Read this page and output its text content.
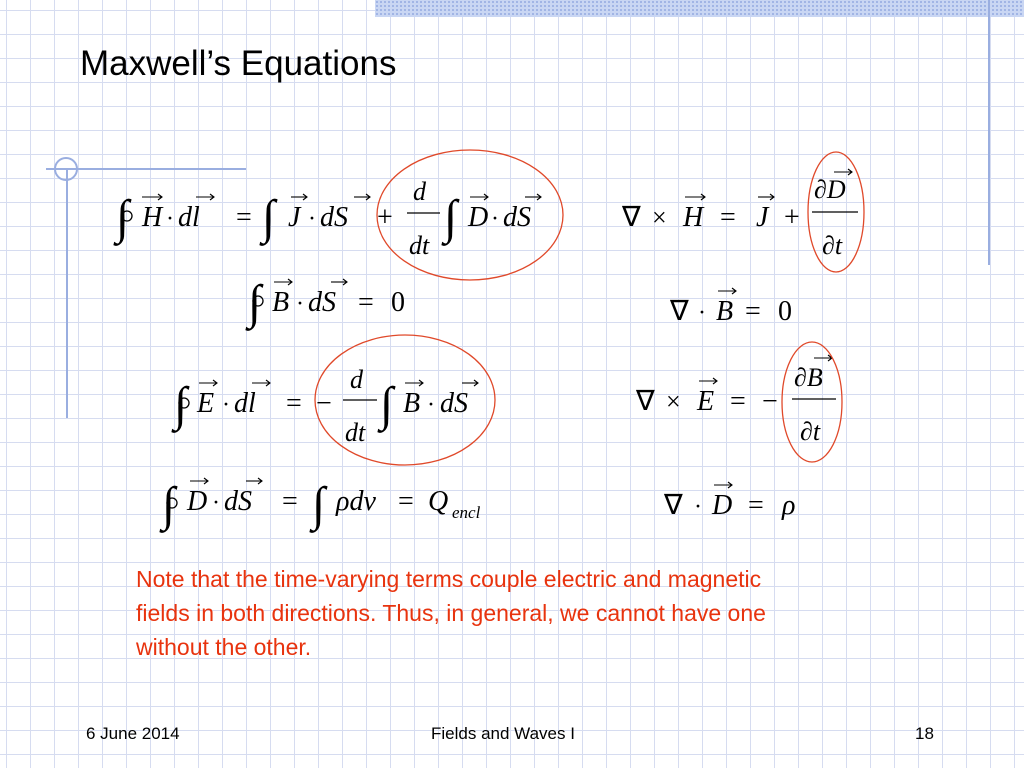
Maxwell’s Equations
∫ H · dl = ∫ J · dS +
d
dt
∫ D · dS
∫ B · dS = 0
∫ E · dl = −
d
dt
∫ B · dS
∫ D · dS = ∫ ρdv = Q encl
∇ × H = J +
∂D
∂t
∇ · B = 0
∇ × E = −
∂B
∂t
∇ · D = ρ
Note that the time-varying terms couple electric and magnetic
fields in both directions. Thus, in general, we cannot have one
without the other.
6 June 2014	Fields and Waves I	18
